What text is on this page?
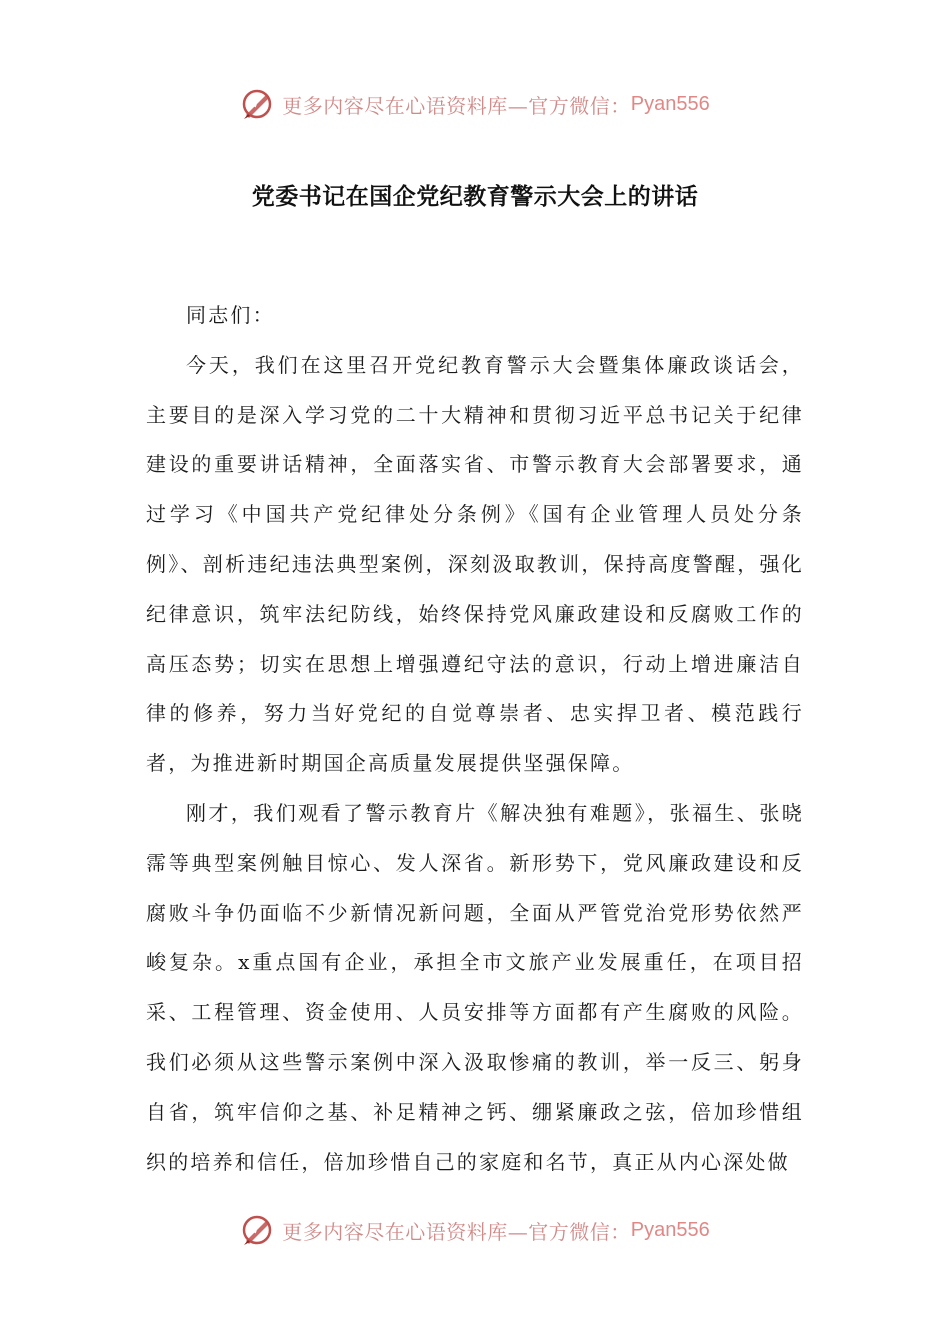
更多内容尽在心语资料库—官方微信： Pyan556
党委书记在国企党纪教育警示大会上的讲话

同志们：

今天，我们在这里召开党纪教育警示大会暨集体廉政谈话会，主要目的是深入学习党的二十大精神和贯彻习近平总书记关于纪律建设的重要讲话精神，全面落实省、市警示教育大会部署要求，通过学习《中国共产党纪律处分条例》《国有企业管理人员处分条例》、剖析违纪违法典型案例，深刻汲取教训，保持高度警醒，强化纪律意识，筑牢法纪防线，始终保持党风廉政建设和反腐败工作的高压态势；切实在思想上增强遵纪守法的意识，行动上增进廉洁自律的修养，努力当好党纪的自觉尊崇者、忠实捍卫者、模范践行者，为推进新时期国企高质量发展提供坚强保障。

刚才，我们观看了警示教育片《解决独有难题》，张福生、张晓霈等典型案例触目惊心、发人深省。新形势下，党风廉政建设和反腐败斗争仍面临不少新情况新问题，全面从严管党治党形势依然严峻复杂。x重点国有企业，承担全市文旅产业发展重任，在项目招采、工程管理、资金使用、人员安排等方面都有产生腐败的风险。我们必须从这些警示案例中深入汲取惨痛的教训，举一反三、躬身自省，筑牢信仰之基、补足精神之钙、绷紧廉政之弦，倍加珍惜组织的培养和信任，倍加珍惜自己的家庭和名节，真正从内心深处做

更多内容尽在心语资料库—官方微信： Pyan556
